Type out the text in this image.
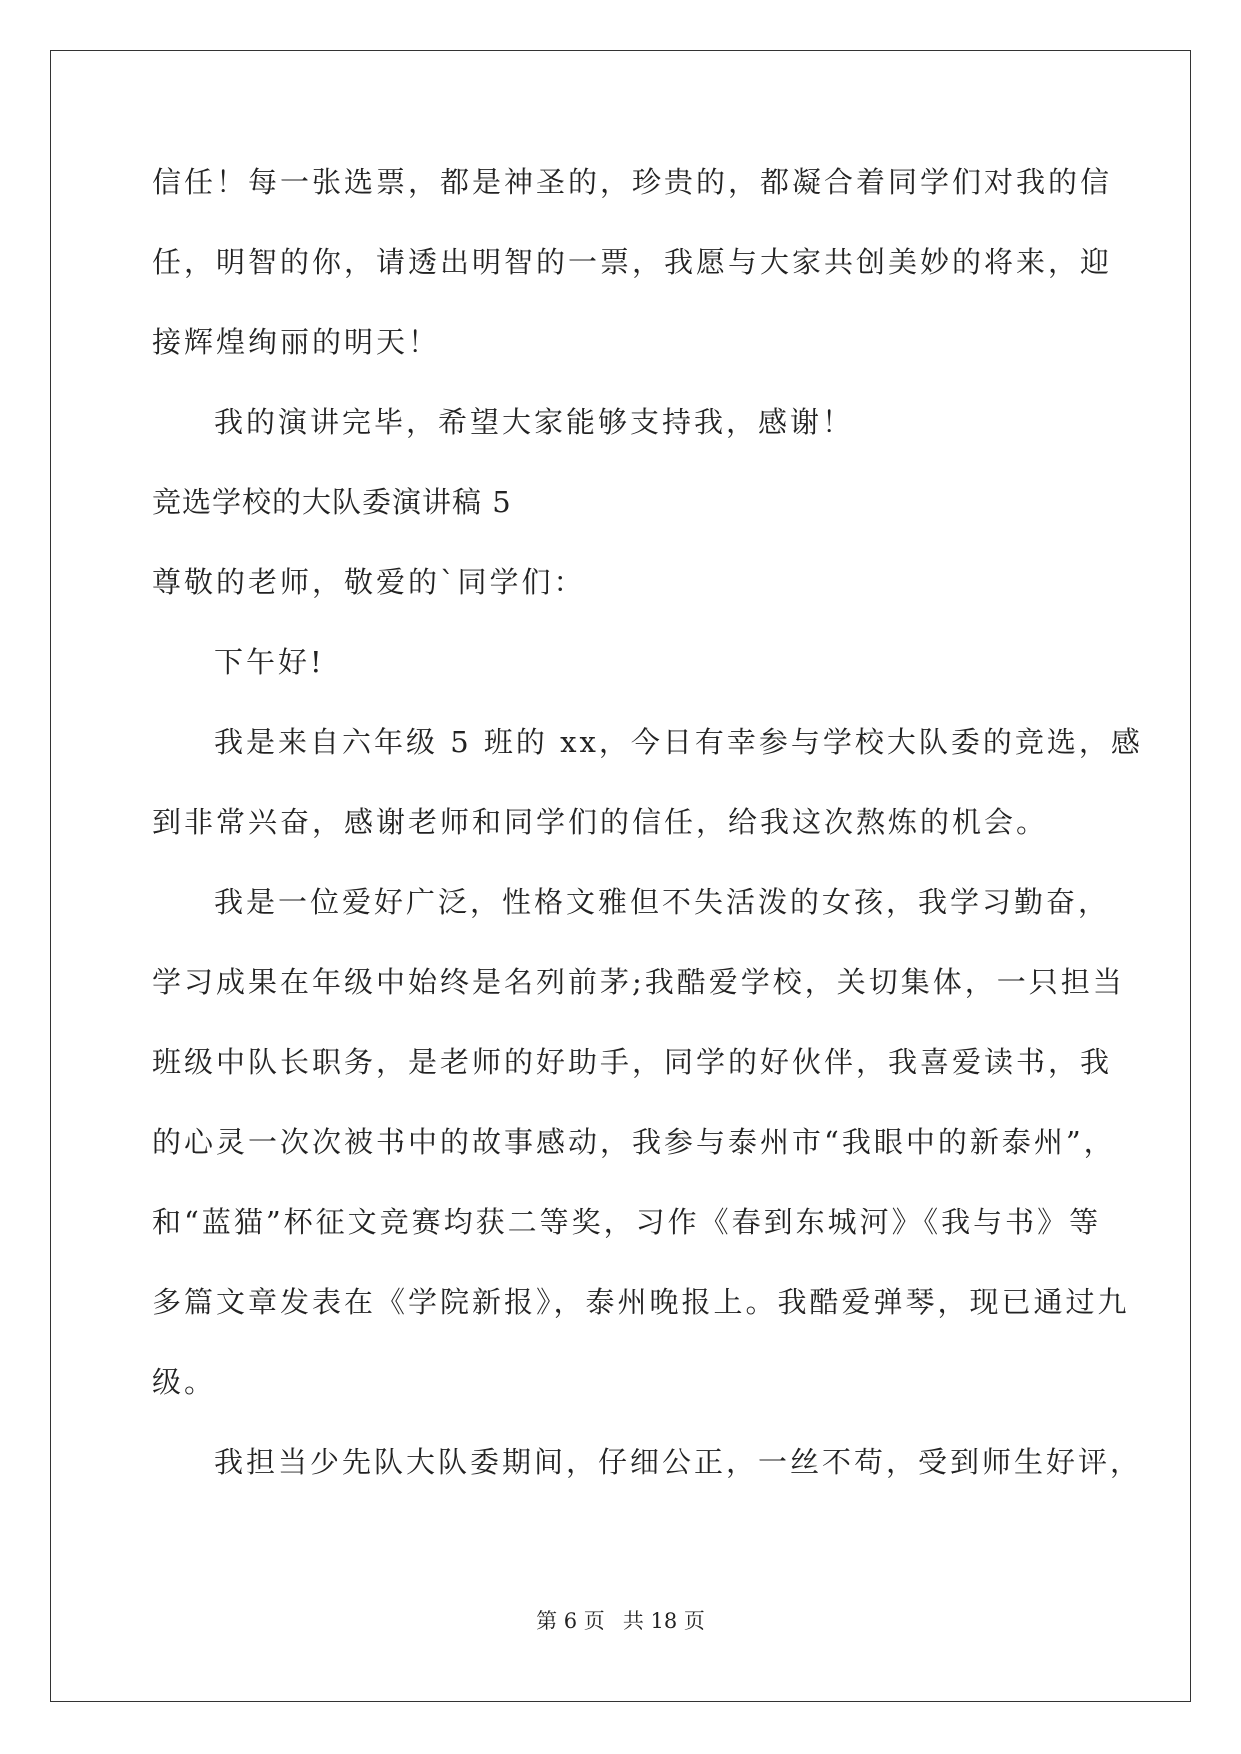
信任！每一张选票，都是神圣的，珍贵的，都凝合着同学们对我的信
任，明智的你，请透出明智的一票，我愿与大家共创美妙的将来，迎
接辉煌绚丽的明天！
我的演讲完毕，希望大家能够支持我，感谢！
竞选学校的大队委演讲稿 5
尊敬的老师，敬爱的`同学们：
下午好!
我是来自六年级 5 班的 xx，今日有幸参与学校大队委的竞选，感
到非常兴奋，感谢老师和同学们的信任，给我这次熬炼的机会。
我是一位爱好广泛，性格文雅但不失活泼的女孩，我学习勤奋，
学习成果在年级中始终是名列前茅;我酷爱学校，关切集体，一只担当
班级中队长职务，是老师的好助手，同学的好伙伴，我喜爱读书，我
的心灵一次次被书中的故事感动，我参与泰州市“我眼中的新泰州”，
和“蓝猫”杯征文竞赛均获二等奖，习作《春到东城河》《我与书》等
多篇文章发表在《学院新报》，泰州晚报上。我酷爱弹琴，现已通过九
级。
我担当少先队大队委期间，仔细公正，一丝不苟，受到师生好评，
第 6 页 共 18 页
